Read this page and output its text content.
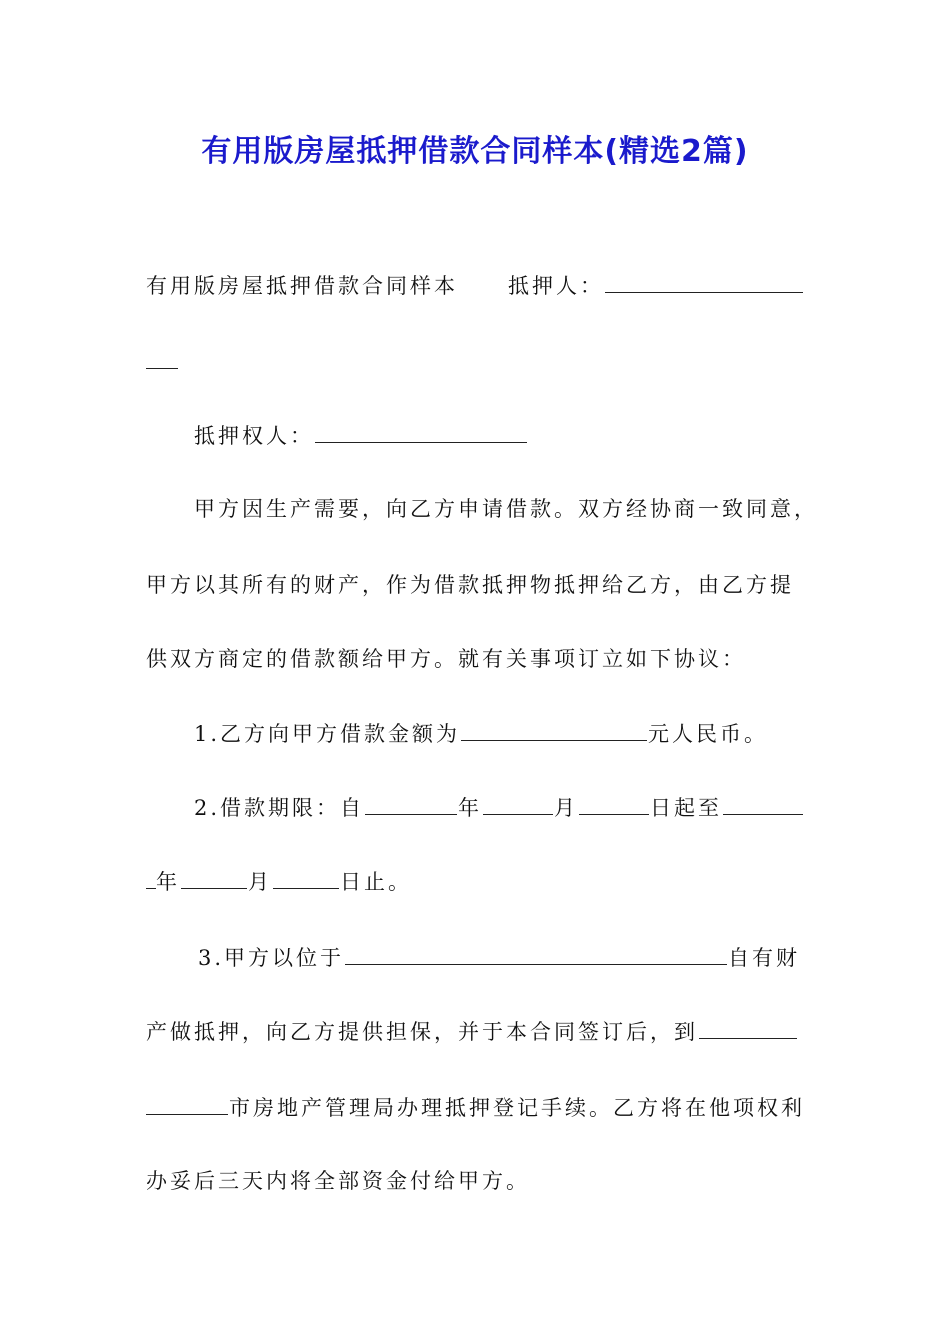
有用版房屋抵押借款合同样本(精选2篇)
有用版房屋抵押借款合同样本 抵押人：
抵押权人：
甲方因生产需要，向乙方申请借款。双方经协商一致同意，
甲方以其所有的财产，作为借款抵押物抵押给乙方，由乙方提
供双方商定的借款额给甲方。就有关事项订立如下协议：
1.乙方向甲方借款金额为	元人民币。
2.借款期限：自	年	月	日起至
年	月	日止。
3.甲方以位于	自有财
产做抵押，向乙方提供担保，并于本合同签订后，到
市房地产管理局办理抵押登记手续。乙方将在他项权利
办妥后三天内将全部资金付给甲方。
